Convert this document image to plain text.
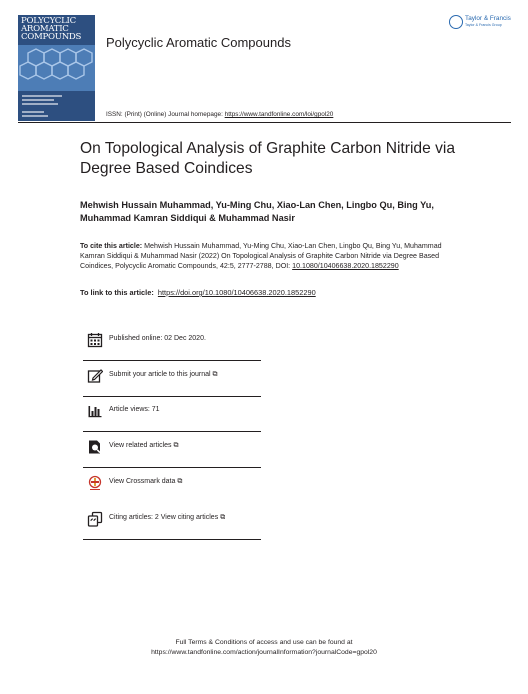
POLYCYCLIC
AROMATIC
COMPOUNDS	Polycyclic Aromatic Compounds
Taylor & Francis
Taylor & Francis Group
ISSN: (Print) (Online) Journal homepage: https://www.tandfonline.com/loi/gpol20
On Topological Analysis of Graphite Carbon Nitride via Degree Based Coindices
Mehwish Hussain Muhammad, Yu-Ming Chu, Xiao-Lan Chen, Lingbo Qu, Bing Yu, Muhammad Kamran Siddiqui & Muhammad Nasir
To cite this article: Mehwish Hussain Muhammad, Yu-Ming Chu, Xiao-Lan Chen, Lingbo Qu, Bing Yu, Muhammad Kamran Siddiqui & Muhammad Nasir (2022) On Topological Analysis of Graphite Carbon Nitride via Degree Based Coindices, Polycyclic Aromatic Compounds, 42:5, 2777-2788, DOI: 10.1080/10406638.2020.1852290
To link to this article: https://doi.org/10.1080/10406638.2020.1852290
Published online: 02 Dec 2020.
Submit your article to this journal ⧉
Article views: 71
View related articles ⧉
View Crossmark data ⧉
Citing articles: 2 View citing articles ⧉
Full Terms & Conditions of access and use can be found at
https://www.tandfonline.com/action/journalInformation?journalCode=gpol20
